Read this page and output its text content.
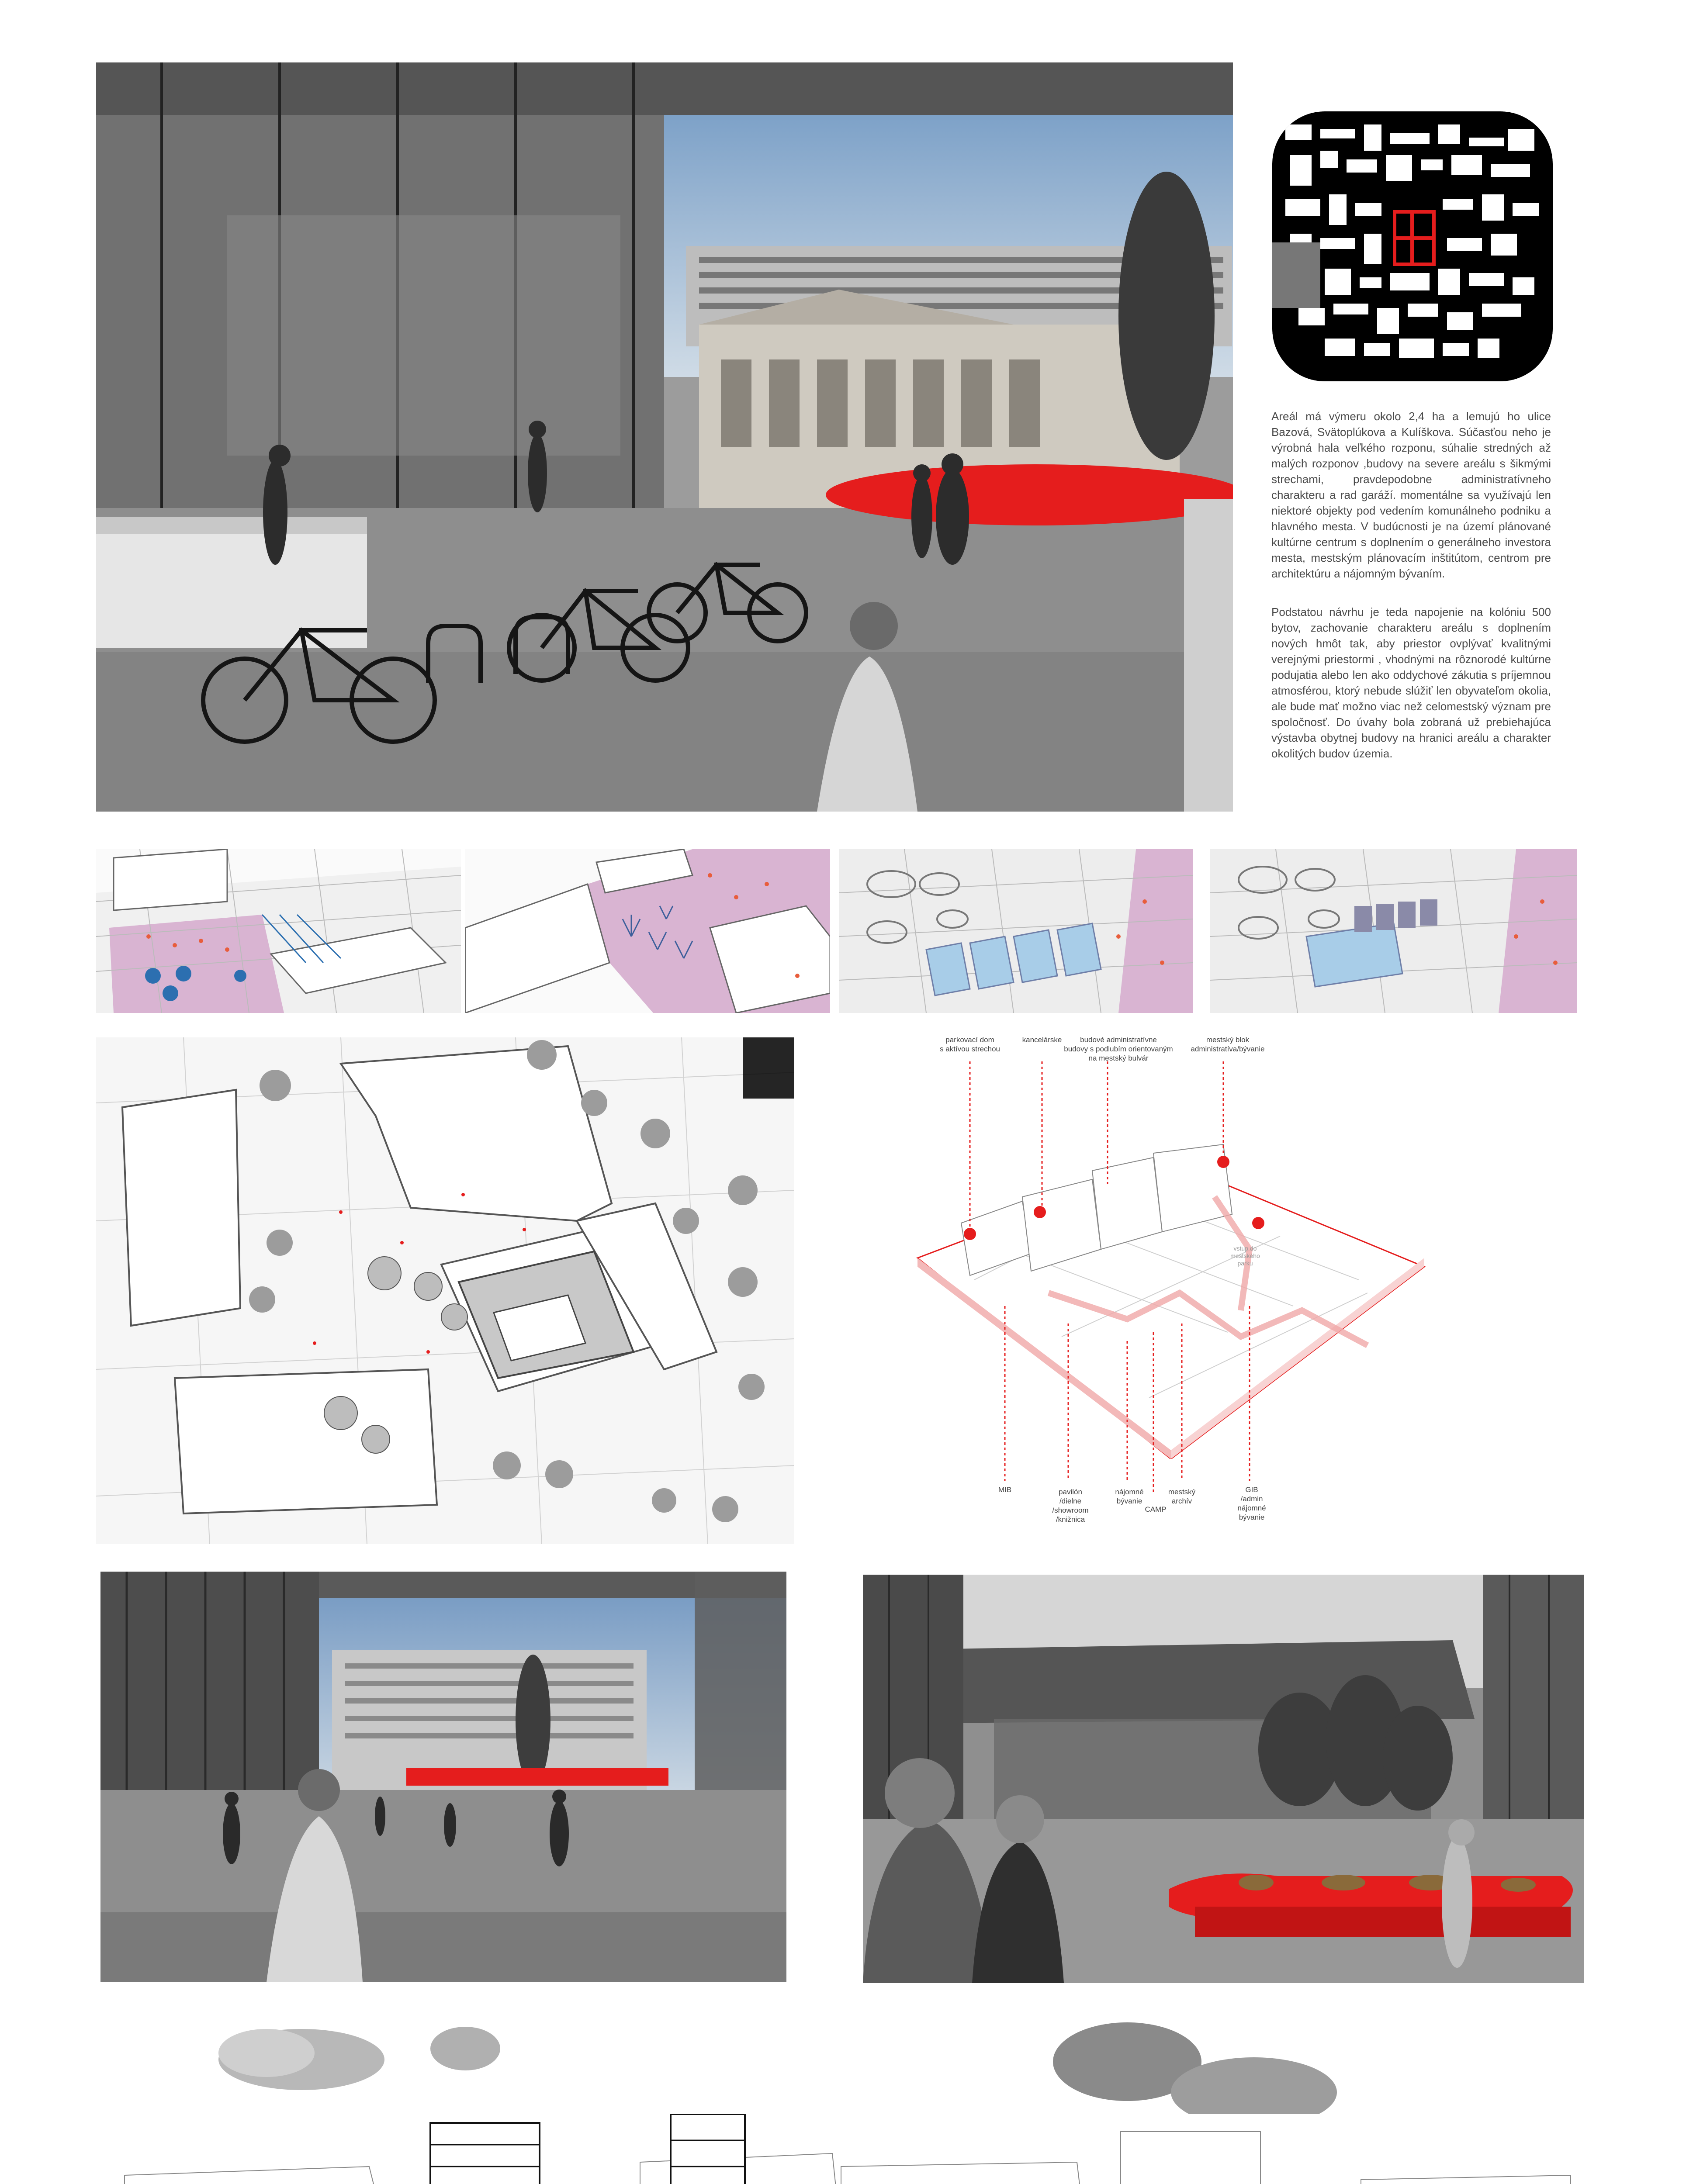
Areál má výmeru okolo 2,4 ha a lemujú ho ulice Bazová, Svätoplúkova a Kulíškova. Súčasťou neho je výrobná hala veľkého rozponu, súhalie stredných až malých rozponov ,budovy na severe areálu s šikmými strechami, pravdepodobne administratívneho charakteru a rad garáží. momentálne sa využívajú len niektoré objekty pod vedením komunálneho podniku a hlavného mesta. V budúcnosti je na území plánované kultúrne centrum s doplnením o generálneho investora mesta, mestským plánovacím inštitútom, centrom pre architektúru a nájomným bývaním.

Podstatou návrhu je teda napojenie na kolóniu 500 bytov, zachovanie charakteru areálu s doplnením nových hmôt tak, aby priestor ovplývať kvalitnými verejnými priestormi , vhodnými na rôznorodé kultúrne podujatia alebo len ako oddychové zákutia s príjemnou atmosférou, ktorý nebude slúžiť len obyvateľom okolia, ale bude mať možno viac než celomestský význam pre spoločnosť. Do úvahy bola zobraná už prebiehajúca výstavba obytnej budovy na hranici areálu a charakter okolitých budov územia.

parkovací dom
s aktívou strechou
kancelárske	budové administratívne
budovy s podlubím orientovaným
na mestský bulvár
mestský blok
administratíva/bývanie
vstup do
mestského
parku
MIB	pavilón
/dielne
/showroom
/knižnica
nájomné
bývanie
CAMP
mestský
archív
GIB
/admin
nájomné
bývanie
